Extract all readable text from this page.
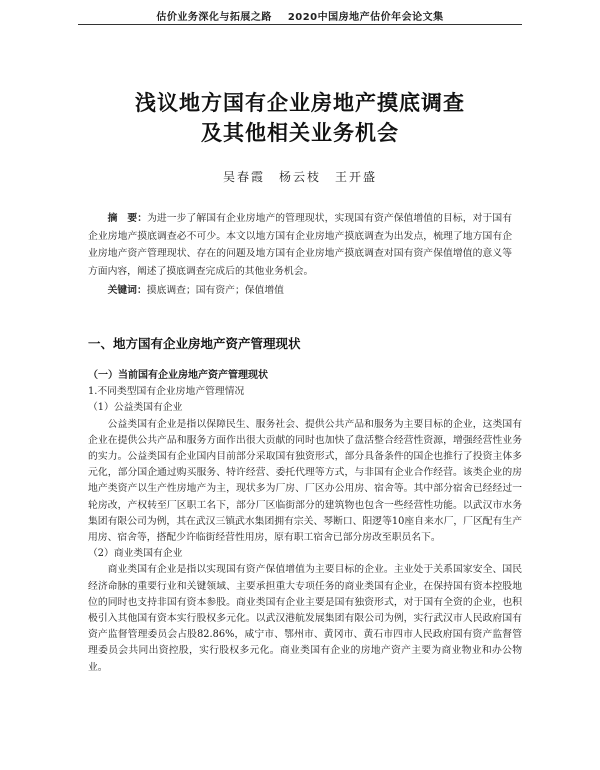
估价业务深化与拓展之路 2020中国房地产估价年会论文集
浅议地方国有企业房地产摸底调查
及其他相关业务机会
吴春霞　杨云枝　王开盛
摘　要：为进一步了解国有企业房地产的管理现状，实现国有资产保值增值的目标，对于国有企业房地产摸底调查必不可少。本文以地方国有企业房地产摸底调查为出发点，梳理了地方国有企业房地产资产管理现状、存在的问题及地方国有企业房地产摸底调查对国有资产保值增值的意义等方面内容，阐述了摸底调查完成后的其他业务机会。
关键词：摸底调查；国有资产；保值增值
一、地方国有企业房地产资产管理现状

（一）当前国有企业房地产资产管理现状

1.不同类型国有企业房地产管理情况

（1）公益类国有企业

公益类国有企业是指以保障民生、服务社会、提供公共产品和服务为主要目标的企业，这类国有企业在提供公共产品和服务方面作出很大贡献的同时也加快了盘活整合经营性资源，增强经营性业务的实力。公益类国有企业国内目前部分采取国有独资形式，部分具备条件的国企也推行了投资主体多元化，部分国企通过购买服务、特许经营、委托代理等方式，与非国有企业合作经营。该类企业的房地产类资产以生产性房地产为主，现状多为厂房、厂区办公用房、宿舍等。其中部分宿舍已经经过一轮房改，产权转至厂区职工名下，部分厂区临街部分的建筑物也包含一些经营性功能。以武汉市水务集团有限公司为例，其在武汉三镇武水集团拥有宗关、琴断口、阳逻等10座自来水厂，厂区配有生产用房、宿舍等，搭配少许临街经营性用房，原有职工宿舍已部分房改至职员名下。

（2）商业类国有企业

商业类国有企业是指以实现国有资产保值增值为主要目标的企业。主业处于关系国家安全、国民经济命脉的重要行业和关键领域、主要承担重大专项任务的商业类国有企业，在保持国有资本控股地位的同时也支持非国有资本参股。商业类国有企业主要是国有独资形式，对于国有全资的企业，也积极引入其他国有资本实行股权多元化。以武汉港航发展集团有限公司为例，实行武汉市人民政府国有资产监督管理委员会占股82.86%，咸宁市、鄂州市、黄冈市、黄石市四市人民政府国有资产监督管理委员会共同出资控股，实行股权多元化。商业类国有企业的房地产资产主要为商业物业和办公物业。
